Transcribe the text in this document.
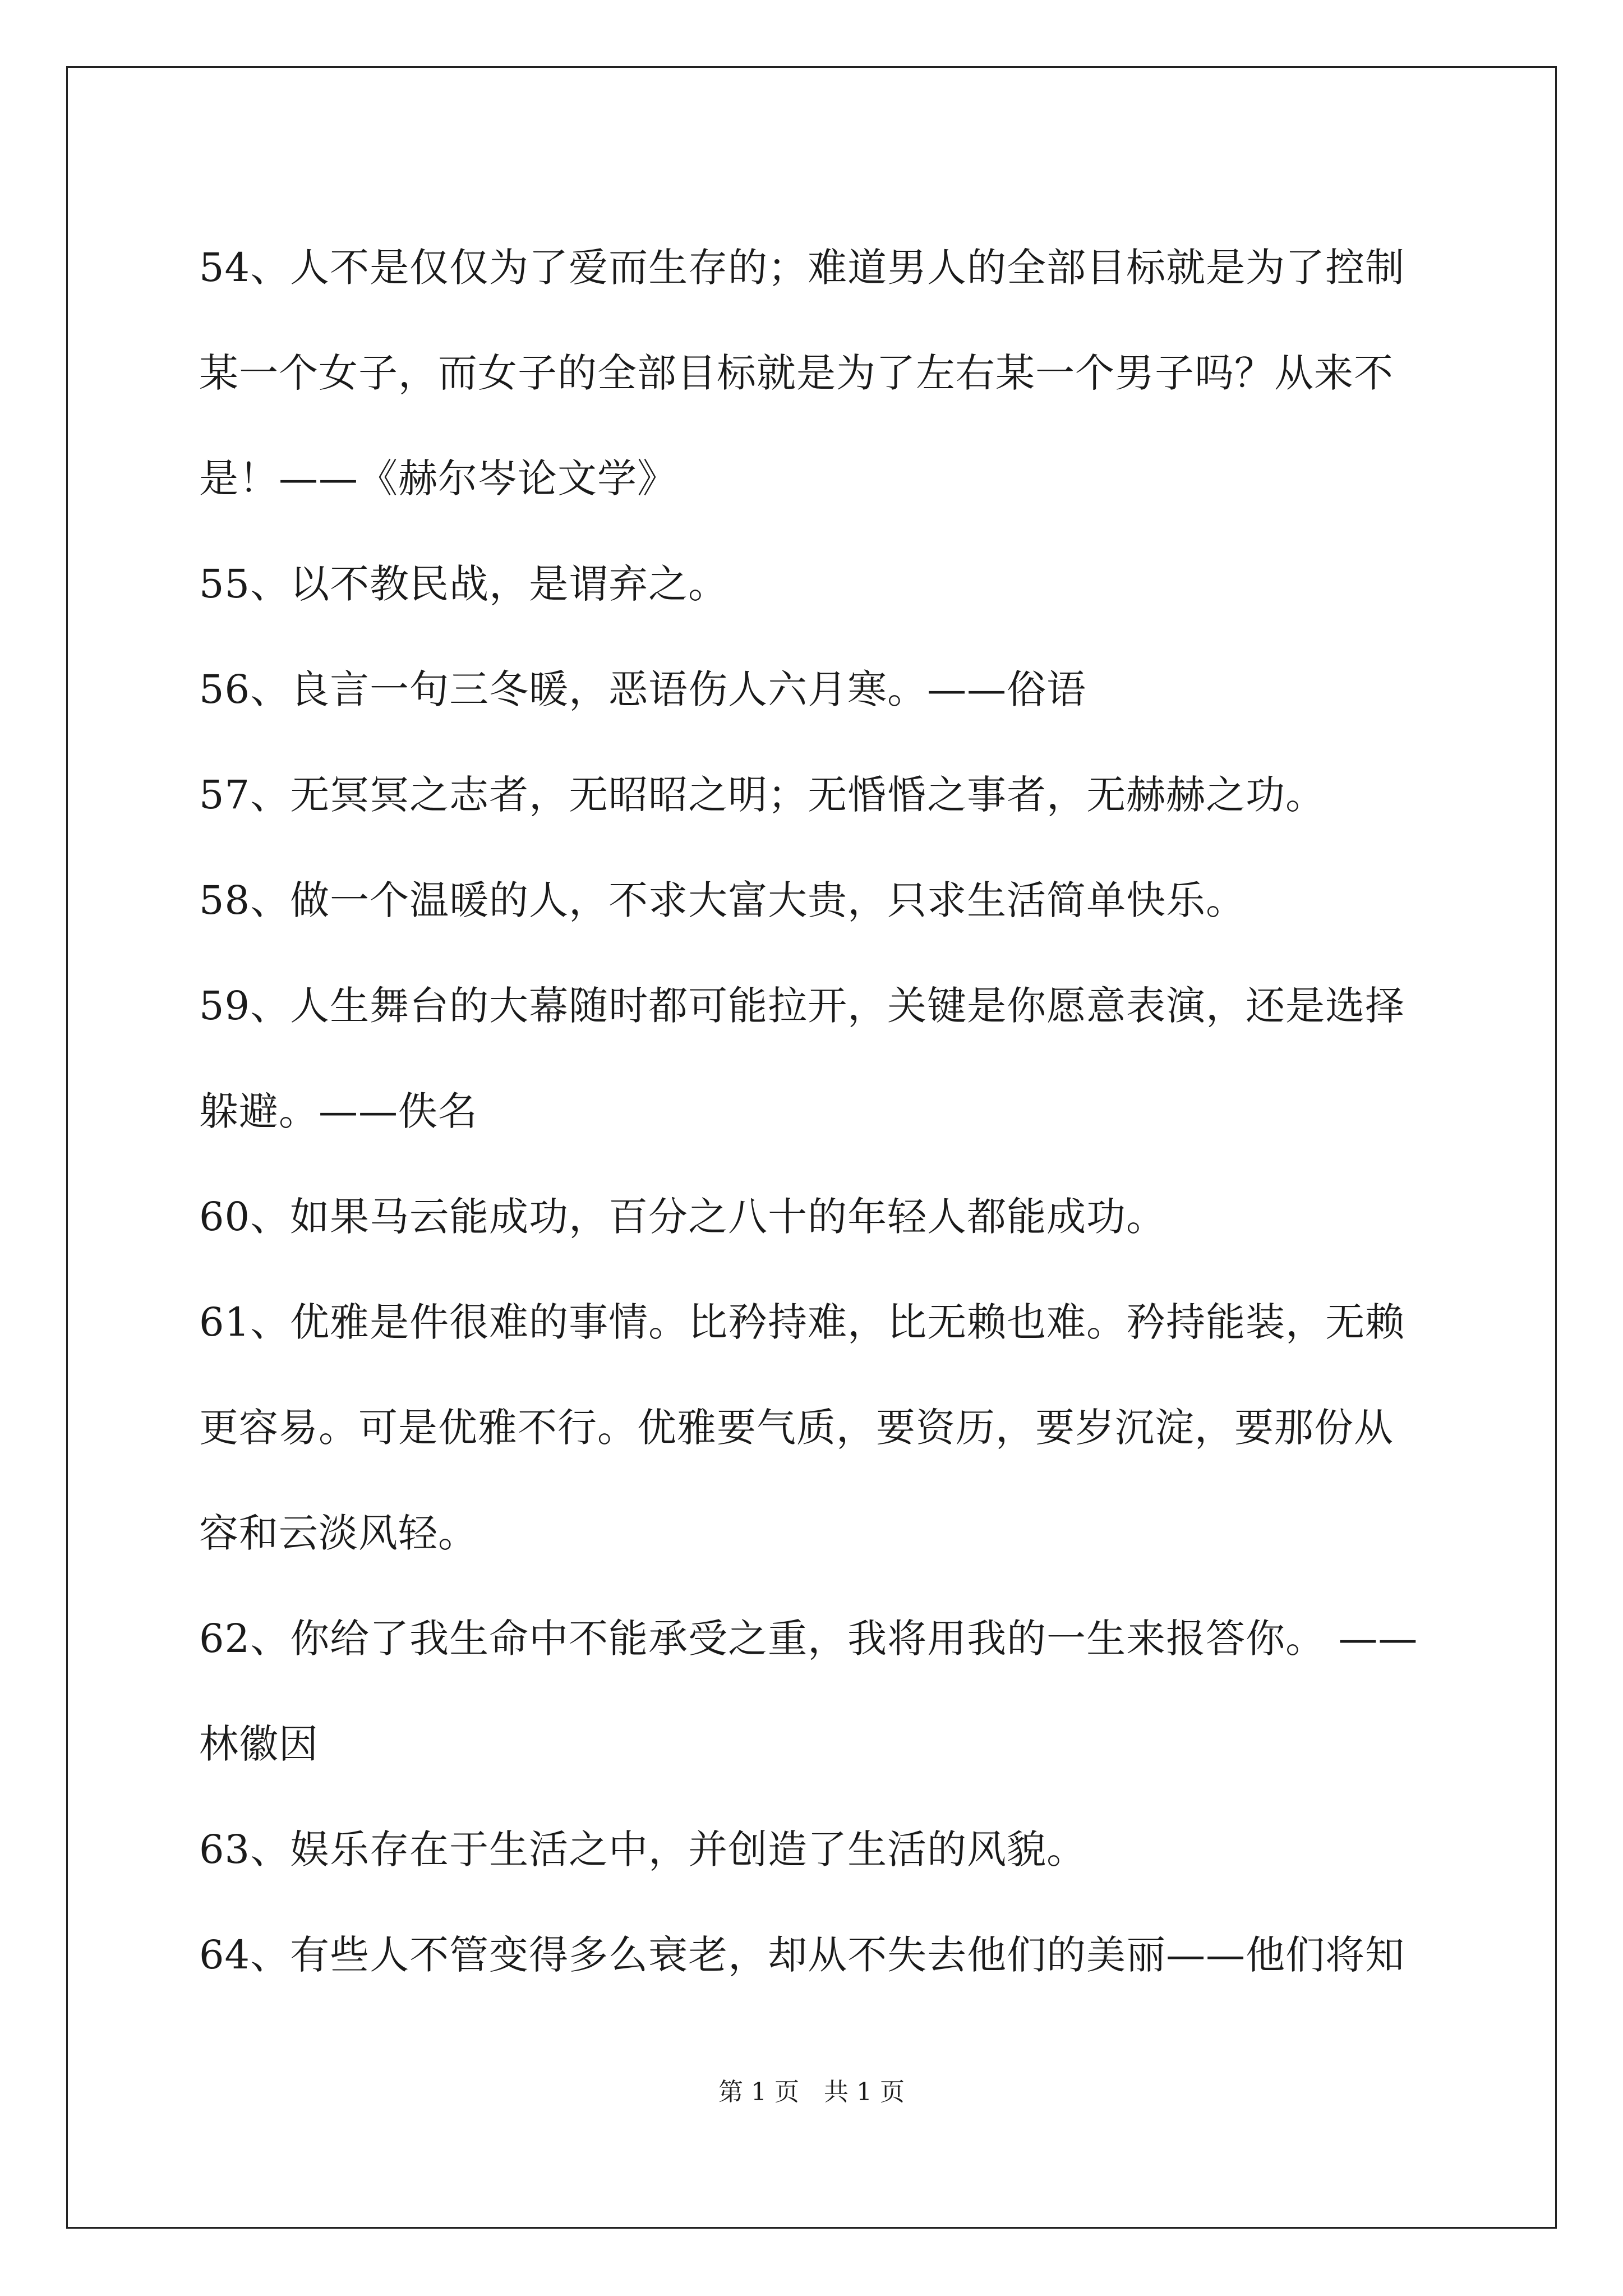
54、人不是仅仅为了爱而生存的；难道男人的全部目标就是为了控制

某一个女子，而女子的全部目标就是为了左右某一个男子吗？从来不

是！——《赫尔岑论文学》

55、以不教民战，是谓弃之。

56、良言一句三冬暖，恶语伤人六月寒。——俗语

57、无冥冥之志者，无昭昭之明；无惛惛之事者，无赫赫之功。

58、做一个温暖的人，不求大富大贵，只求生活简单快乐。

59、人生舞台的大幕随时都可能拉开，关键是你愿意表演，还是选择

躲避。——佚名

60、如果马云能成功，百分之八十的年轻人都能成功。

61、优雅是件很难的事情。比矜持难，比无赖也难。矜持能装，无赖

更容易。可是优雅不行。优雅要气质，要资历，要岁沉淀，要那份从

容和云淡风轻。

62、你给了我生命中不能承受之重，我将用我的一生来报答你。 ——

林徽因

63、娱乐存在于生活之中，并创造了生活的风貌。

64、有些人不管变得多么衰老，却从不失去他们的美丽——他们将知

第 1 页　共 1 页
